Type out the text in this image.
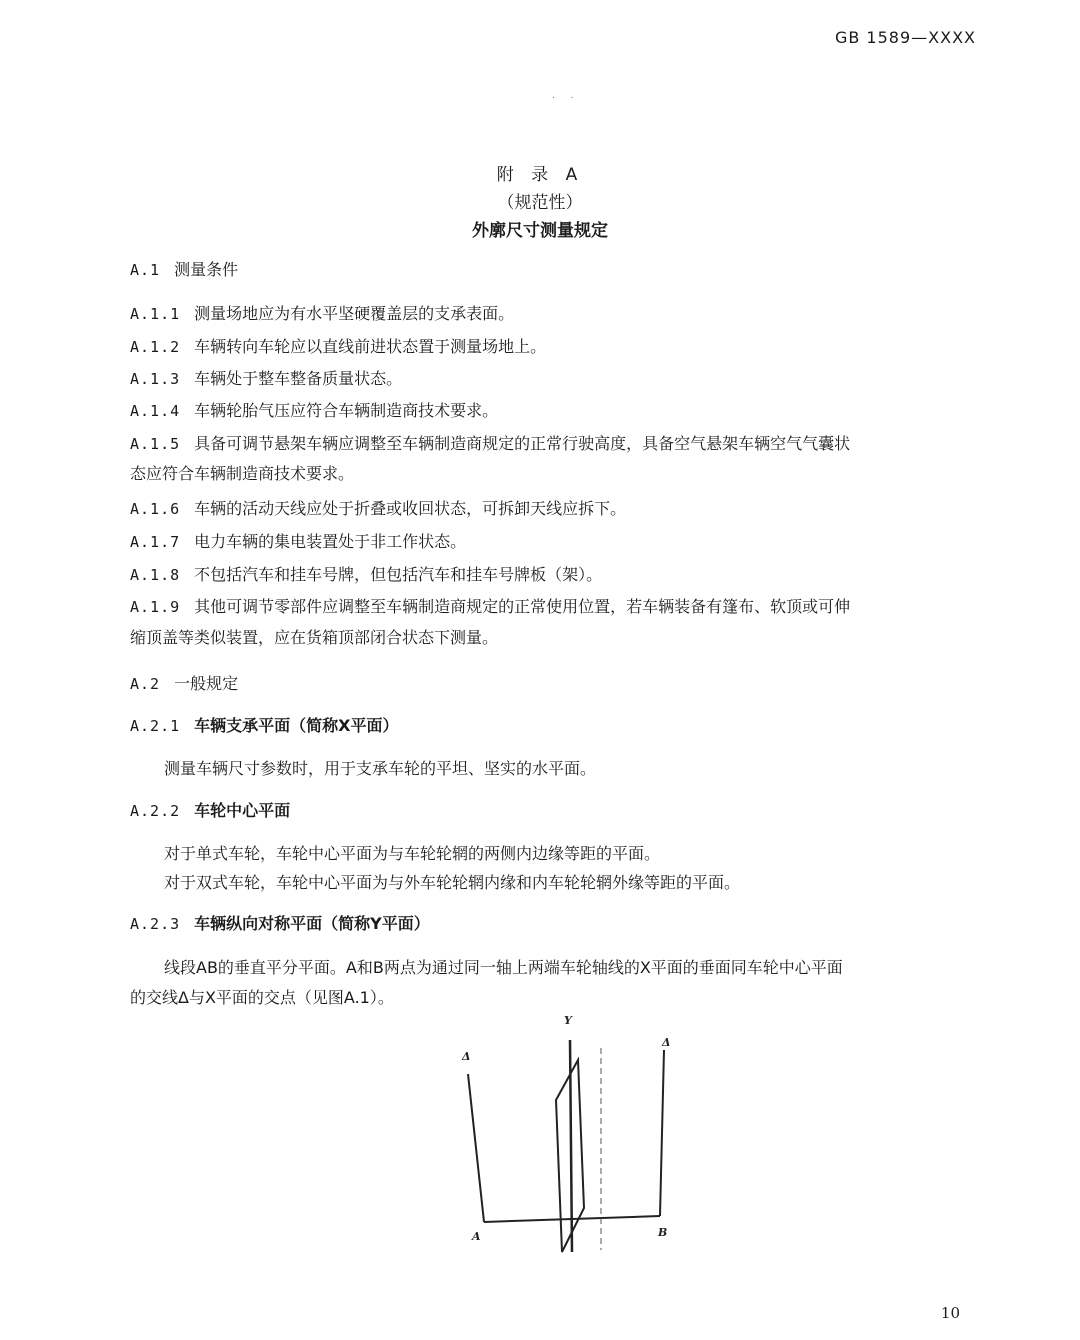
GB 1589—XXXX
. .
附 录 A
（规范性）
外廓尺寸测量规定
A.1 测量条件
A.1.1 测量场地应为有水平坚硬覆盖层的支承表面。
A.1.2 车辆转向车轮应以直线前进状态置于测量场地上。
A.1.3 车辆处于整车整备质量状态。
A.1.4 车辆轮胎气压应符合车辆制造商技术要求。
A.1.5 具备可调节悬架车辆应调整至车辆制造商规定的正常行驶高度，具备空气悬架车辆空气气囊状
态应符合车辆制造商技术要求。
A.1.6 车辆的活动天线应处于折叠或收回状态，可拆卸天线应拆下。
A.1.7 电力车辆的集电装置处于非工作状态。
A.1.8 不包括汽车和挂车号牌，但包括汽车和挂车号牌板（架）。
A.1.9 其他可调节零部件应调整至车辆制造商规定的正常使用位置，若车辆装备有篷布、软顶或可伸
缩顶盖等类似装置，应在货箱顶部闭合状态下测量。
A.2 一般规定
A.2.1 车辆支承平面（简称X平面）
测量车辆尺寸参数时，用于支承车轮的平坦、坚实的水平面。
A.2.2 车轮中心平面
对于单式车轮，车轮中心平面为与车轮轮辋的两侧内边缘等距的平面。
对于双式车轮，车轮中心平面为与外车轮轮辋内缘和内车轮轮辋外缘等距的平面。
A.2.3 车辆纵向对称平面（简称Y平面）
线段AB的垂直平分平面。A和B两点为通过同一轴上两端车轮轴线的X平面的垂面同车轮中心平面
的交线Δ与X平面的交点（见图A.1）。
Y
Δ
Δ
A	B
10
